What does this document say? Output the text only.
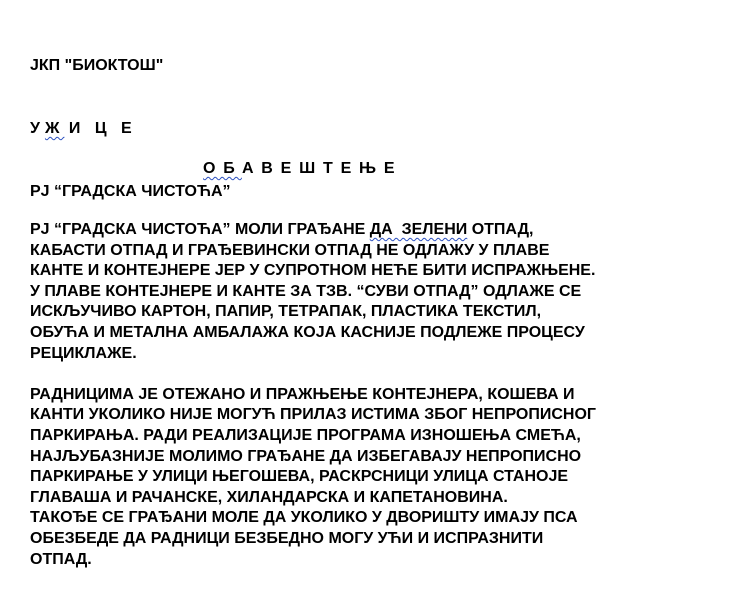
ЈКП "БИОКТОШ"

УЖ И Ц Е

РЈ “ГРАДСКА ЧИСТОЋА”

ОБАВЕШТЕЊЕ
РЈ “ГРАДСКА ЧИСТОЋА” МОЛИ ГРАЂАНЕ ДА  ЗЕЛЕНИ ОТПАД,
КАБАСТИ ОТПАД И ГРАЂЕВИНСКИ ОТПАД НЕ ОДЛАЖУ У ПЛАВЕ
КАНТЕ И КОНТЕЈНЕРЕ ЈЕР У СУПРОТНОМ НЕЋЕ БИТИ ИСПРАЖЊЕНЕ.
У ПЛАВЕ КОНТЕЈНЕРЕ И КАНТЕ ЗА ТЗВ. “СУВИ ОТПАД” ОДЛАЖЕ СЕ
ИСКЉУЧИВО КАРТОН, ПАПИР, ТЕТРАПАК, ПЛАСТИКА ТЕКСТИЛ,
ОБУЋА И МЕТАЛНА АМБАЛАЖА КОЈА КАСНИЈЕ ПОДЛЕЖЕ ПРОЦЕСУ
РЕЦИКЛАЖЕ.
РАДНИЦИМА ЈЕ ОТЕЖАНО И ПРАЖЊЕЊЕ КОНТЕЈНЕРА, КОШЕВА И
КАНТИ УКОЛИКО НИЈЕ МОГУЋ ПРИЛАЗ ИСТИМА ЗБОГ НЕПРОПИСНОГ
ПАРКИРАЊА. РАДИ РЕАЛИЗАЦИЈЕ ПРОГРАМА ИЗНОШЕЊА СМЕЋА,
НАЈЉУБАЗНИЈЕ МОЛИМО ГРАЂАНЕ ДА ИЗБЕГАВАЈУ НЕПРОПИСНО
ПАРКИРАЊЕ У УЛИЦИ ЊЕГОШЕВА, РАСКРСНИЦИ УЛИЦА СТАНОЈЕ
ГЛАВАША И РАЧАНСКЕ, ХИЛАНДАРСКА И КАПЕТАНОВИНА.
ТАКОЂЕ СЕ ГРАЂАНИ МОЛЕ ДА УКОЛИКО У ДВОРИШТУ ИМАЈУ ПСА
ОБЕЗБЕДЕ ДА РАДНИЦИ БЕЗБЕДНО МОГУ УЋИ И ИСПРАЗНИТИ
ОТПАД.
